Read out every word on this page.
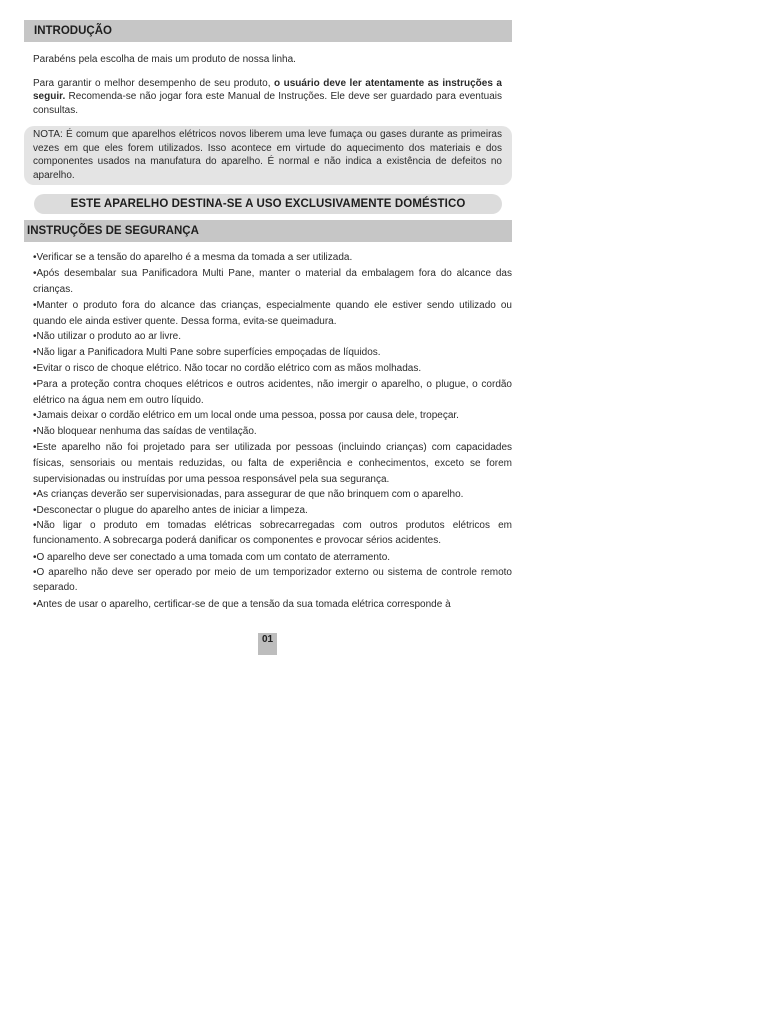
INTRODUÇÃO

Parabéns pela escolha de mais um produto de nossa linha.

Para garantir o melhor desempenho de seu produto, o usuário deve ler atentamente as instruções a seguir. Recomenda-se não jogar fora este Manual de Instruções. Ele deve ser guardado para eventuais consultas.

NOTA: É comum que aparelhos elétricos novos liberem uma leve fumaça ou gases durante as primeiras vezes em que eles forem utilizados. Isso acontece em virtude do aquecimento dos materiais e dos componentes usados na manufatura do aparelho. É normal e não indica a existência de defeitos no aparelho.

ESTE APARELHO DESTINA-SE A USO EXCLUSIVAMENTE DOMÉSTICO
INSTRUÇÕES DE SEGURANÇA
•Verificar se a tensão do aparelho é a mesma da tomada a ser utilizada.
•Após desembalar sua Panificadora Multi Pane, manter o material da embalagem fora do alcance das crianças.
•Manter o produto fora do alcance das crianças, especialmente quando ele estiver sendo utilizado ou quando ele ainda estiver quente. Dessa forma, evita-se queimadura.
•Não utilizar o produto ao ar livre.
•Não ligar a Panificadora Multi Pane sobre superfícies empoçadas de líquidos.
•Evitar o risco de choque elétrico. Não tocar no cordão elétrico com as mãos molhadas.
•Para a proteção contra choques elétricos e outros acidentes, não imergir o aparelho, o plugue, o cordão elétrico na água nem em outro líquido.
•Jamais deixar o cordão elétrico em um local onde uma pessoa, possa por causa dele, tropeçar.
•Não bloquear nenhuma das saídas de ventilação.
•Este aparelho não foi projetado para ser utilizada por pessoas (incluindo crianças) com capacidades físicas, sensoriais ou mentais reduzidas, ou falta de experiência e conhecimentos, exceto se forem supervisionadas ou instruídas por uma pessoa responsável pela sua segurança.
•As crianças deverão ser supervisionadas, para assegurar de que não brinquem com o aparelho.
•Desconectar o plugue do aparelho antes de iniciar a limpeza.
•Não ligar o produto em tomadas elétricas sobrecarregadas com outros produtos elétricos em funcionamento. A sobrecarga poderá danificar os componentes e provocar sérios acidentes.
•O aparelho deve ser conectado a uma tomada com um contato de aterramento.
•O aparelho não deve ser operado por meio de um temporizador externo ou sistema de controle remoto separado.
•Antes de usar o aparelho, certificar-se de que a tensão da sua tomada elétrica corresponde à
01
